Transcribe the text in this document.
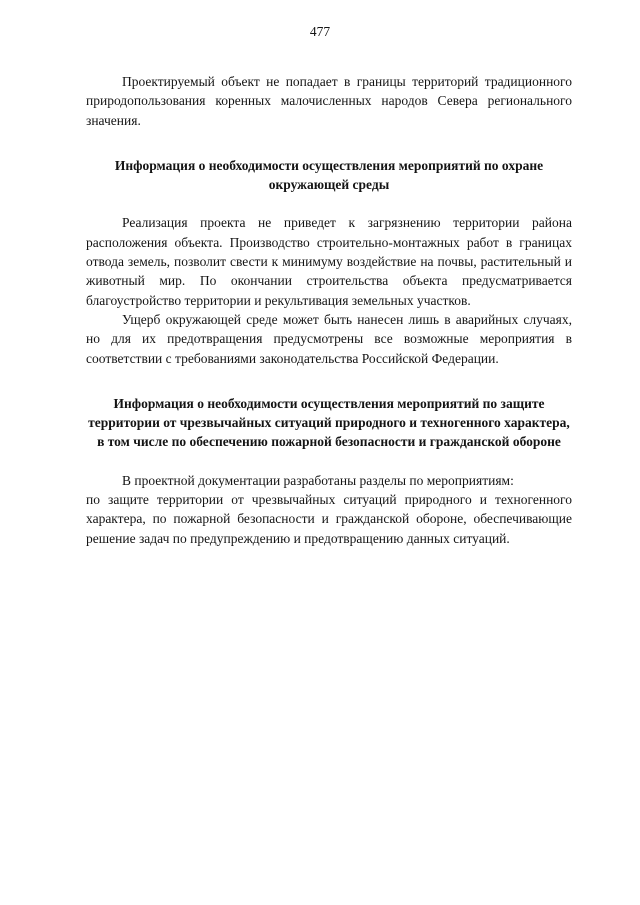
477

Проектируемый объект не попадает в границы территорий традиционного природопользования коренных малочисленных народов Севера регионального значения.

Информация о необходимости осуществления мероприятий по охране окружающей среды

Реализация проекта не приведет к загрязнению территории района расположения объекта. Производство строительно-монтажных работ в границах отвода земель, позволит свести к минимуму воздействие на почвы, растительный и животный мир. По окончании строительства объекта предусматривается благоустройство территории и рекультивация земельных участков.

Ущерб окружающей среде может быть нанесен лишь в аварийных случаях, но для их предотвращения предусмотрены все возможные мероприятия в соответствии с требованиями законодательства Российской Федерации.

Информация о необходимости осуществления мероприятий по защите территории от чрезвычайных ситуаций природного и техногенного характера, в том числе по обеспечению пожарной безопасности и гражданской обороне

В проектной документации разработаны разделы по мероприятиям:

по защите территории от чрезвычайных ситуаций природного и техногенного характера, по пожарной безопасности и гражданской обороне, обеспечивающие решение задач по предупреждению и предотвращению данных ситуаций.
